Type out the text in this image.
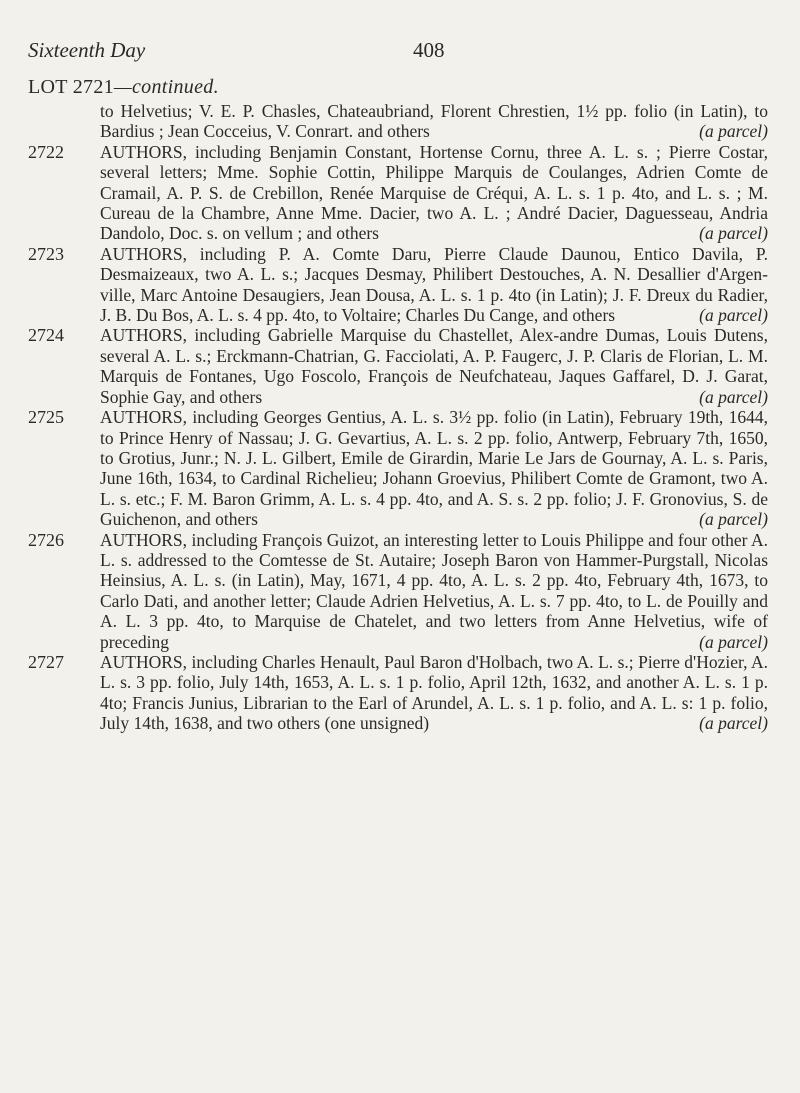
Sixteenth Day	408
LOT 2721—continued.

to Helvetius; V. E. P. Chasles, Chateaubriand, Florent Chrestien, 1½ pp. folio (in Latin), to Bardius ; Jean Cocceius, V. Conrart. and others	(a parcel)

2722 AUTHORS, including Benjamin Constant, Hortense Cornu, three A. L. s. ; Pierre Costar, several letters; Mme. Sophie Cottin, Philippe Marquis de Coulanges, Adrien Comte de Cramail, A. P. S. de Crebillon, Renée Marquise de Créqui, A. L. s. 1 p. 4to, and L. s. ; M. Cureau de la Chambre, Anne Mme. Dacier, two A. L. ; André Dacier, Daguesseau, Andria Dandolo, Doc. s. on vellum ; and others	(a parcel)

2723 AUTHORS, including P. A. Comte Daru, Pierre Claude Daunou, Entico Davila, P. Desmaizeaux, two A. L. s.; Jacques Desmay, Philibert Destouches, A. N. Desallier d'Argen-ville, Marc Antoine Desaugiers, Jean Dousa, A. L. s. 1 p. 4to (in Latin); J. F. Dreux du Radier, J. B. Du Bos, A. L. s. 4 pp. 4to, to Voltaire; Charles Du Cange, and others	(a parcel)

2724 AUTHORS, including Gabrielle Marquise du Chastellet, Alex-andre Dumas, Louis Dutens, several A. L. s.; Erckmann-Chatrian, G. Facciolati, A. P. Faugerc, J. P. Claris de Florian, L. M. Marquis de Fontanes, Ugo Foscolo, François de Neufchateau, Jaques Gaffarel, D. J. Garat, Sophie Gay, and others	(a parcel)

2725 AUTHORS, including Georges Gentius, A. L. s. 3½ pp. folio (in Latin), February 19th, 1644, to Prince Henry of Nassau; J. G. Gevartius, A. L. s. 2 pp. folio, Antwerp, February 7th, 1650, to Grotius, Junr.; N. J. L. Gilbert, Emile de Girardin, Marie Le Jars de Gournay, A. L. s. Paris, June 16th, 1634, to Cardinal Richelieu; Johann Groevius, Philibert Comte de Gramont, two A. L. s. etc.; F. M. Baron Grimm, A. L. s. 4 pp. 4to, and A. S. s. 2 pp. folio; J. F. Gronovius, S. de Guichenon, and others	(a parcel)

2726 AUTHORS, including François Guizot, an interesting letter to Louis Philippe and four other A. L. s. addressed to the Comtesse de St. Autaire; Joseph Baron von Hammer-Purgstall, Nicolas Heinsius, A. L. s. (in Latin), May, 1671, 4 pp. 4to, A. L. s. 2 pp. 4to, February 4th, 1673, to Carlo Dati, and another letter; Claude Adrien Helvetius, A. L. s. 7 pp. 4to, to L. de Pouilly and A. L. 3 pp. 4to, to Marquise de Chatelet, and two letters from Anne Helvetius, wife of preceding	(a parcel)

2727 AUTHORS, including Charles Henault, Paul Baron d'Holbach, two A. L. s.; Pierre d'Hozier, A. L. s. 3 pp. folio, July 14th, 1653, A. L. s. 1 p. folio, April 12th, 1632, and another A. L. s. 1 p. 4to; Francis Junius, Librarian to the Earl of Arundel, A. L. s. 1 p. folio, and A. L. s: 1 p. folio, July 14th, 1638, and two others (one unsigned)	(a parcel)
